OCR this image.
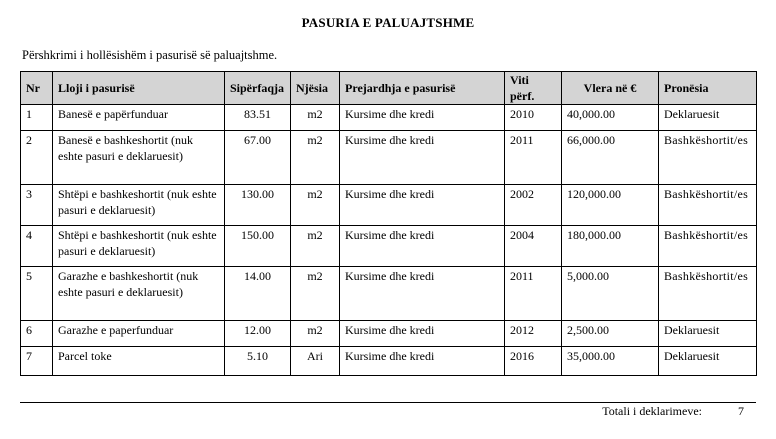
PASURIA E PALUAJTSHME
Përshkrimi i hollësishëm i pasurisë së paluajtshme.
Nr	Lloji i pasurisë	Sipërfaqja	Njësia	Prejardhja e pasurisë	Viti përf.	Vlera në €	Pronësia
1	Banesë e papërfunduar	83.51	m2	Kursime dhe kredi	2010	40,000.00	Deklaruesit
2	Banesë e bashkeshortit (nuk eshte pasuri e deklaruesit)	67.00	m2	Kursime dhe kredi	2011	66,000.00	Bashkëshortit/es
3	Shtëpi e bashkeshortit (nuk eshte pasuri e deklaruesit)	130.00	m2	Kursime dhe kredi	2002	120,000.00	Bashkëshortit/es
4	Shtëpi e bashkeshortit (nuk eshte pasuri e deklaruesit)	150.00	m2	Kursime dhe kredi	2004	180,000.00	Bashkëshortit/es
5	Garazhe e bashkeshortit (nuk eshte pasuri e deklaruesit)	14.00	m2	Kursime dhe kredi	2011	5,000.00	Bashkëshortit/es
6	Garazhe e paperfunduar	12.00	m2	Kursime dhe kredi	2012	2,500.00	Deklaruesit
7	Parcel toke	5.10	Ari	Kursime dhe kredi	2016	35,000.00	Deklaruesit
Totali i deklarimeve:	7
